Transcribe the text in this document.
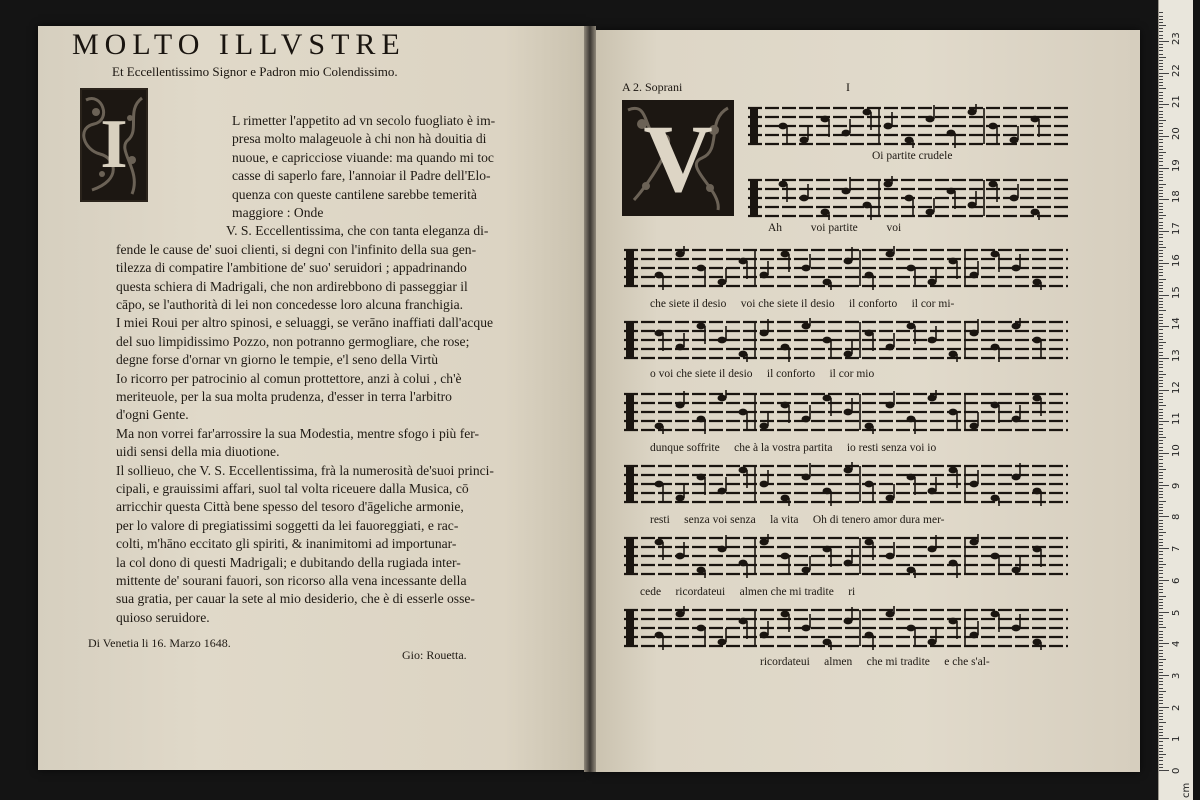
MOLTO ILLVSTRE
Et Eccellentissimo Signor e Padron mio Colendissimo.
I	L rimetter l'appetito ad vn secolo fuogliato è im-
presa molto malageuole à chi non hà douitia di
nuoue, e capricciose viuande: ma quando mi toc
casse di saperlo fare, l'annoiar il Padre dell'Elo-
quenza con queste cantilene sarebbe temerità
maggiore : Onde
V. S. Eccellentissima, che con tanta eleganza di-
fende le cause de' suoi clienti, si degni con l'infinito della sua gen-
tilezza di compatire l'ambitione de' suo' seruidori ; appadrinando
questa schiera di Madrigali, che non ardirebbono di passeggiar il
cāpo, se l'authorità di lei non concedesse loro alcuna franchigia.
I miei Roui per altro spinosi, e seluaggi, se verāno inaffiati dall'acque
del suo limpidissimo Pozzo, non potranno germogliare, che rose;
degne forse d'ornar vn giorno le tempie, e'l seno della Virtù
Io ricorro per patrocinio al comun prottettore, anzi à colui , ch'è
meriteuole, per la sua molta prudenza, d'esser in terra l'arbitro
d'ogni Gente.
Ma non vorrei far'arrossire la sua Modestia, mentre sfogo i più fer-
uidi sensi della mia diuotione.
Il sollieuo, che V. S. Eccellentissima, frà la numerosità de'suoi princi-
cipali, e grauissimi affari, suol tal volta riceuere dalla Musica, cō
arricchir questa Città bene spesso del tesoro d'āgeliche armonie,
per lo valore di pregiatissimi soggetti da lei fauoreggiati, e rac-
colti, m'hāno eccitato gli spiriti, & inanimitomi ad importunar-
la col dono di questi Madrigali; e dubitando della rugiada inter-
mittente de' sourani fauori, son ricorso alla vena incessante della
sua gratia, per cauar la sete al mio desiderio, che è di esserle osse-
quioso seruidore.
Di Venetia li 16. Marzo 1648.
Gio: Rouetta.
A 2. Soprani	I
V	Oi partite crudele
Ah          voi partite          voi
che siete il desio     voi che siete il desio     il conforto     il cor mi-
o voi che siete il desio     il conforto     il cor mio
dunque soffrite     che à la vostra partita     io resti senza voi io
resti     senza voi senza     la vita     Oh di tenero amor dura mer-
cede     ricordateui     almen che mi tradite     ri
ricordateui     almen     che mi tradite     e che s'al-
0
1
2
3
4
5
6
7
8
9
10
11
12
13
14
15
16
17
18
19
20
21
22
23
cm
